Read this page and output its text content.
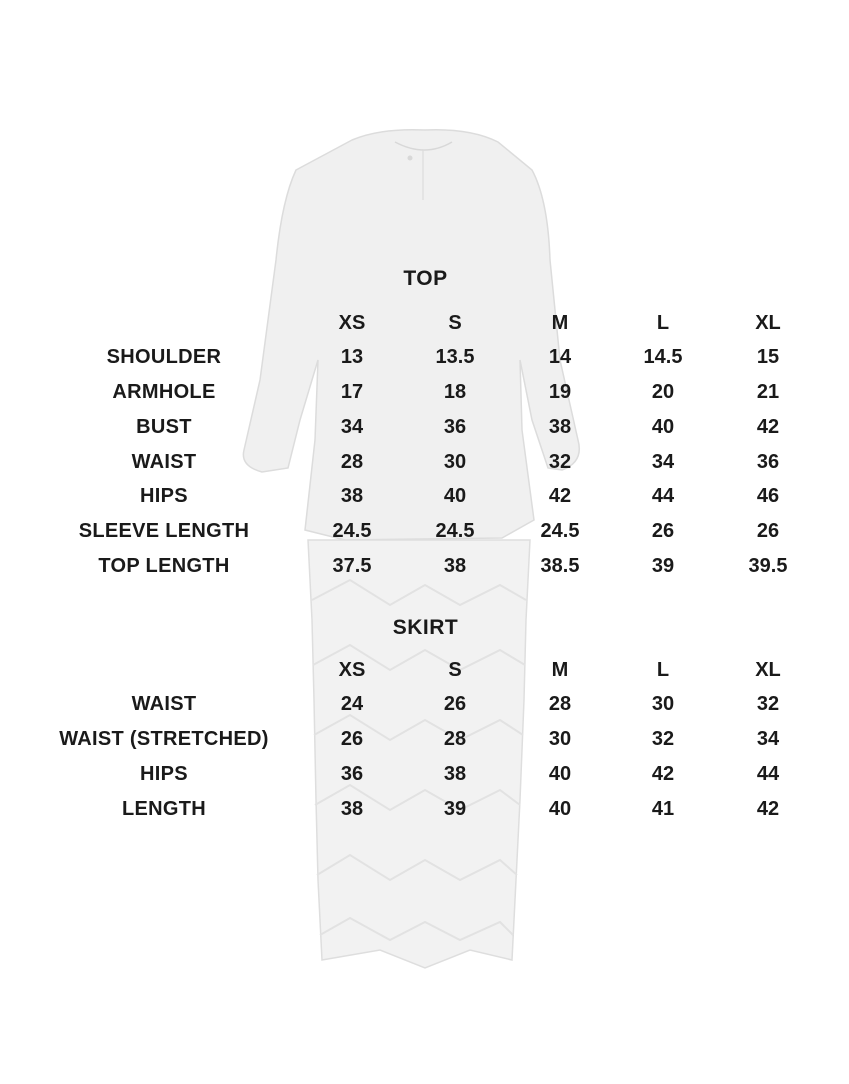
TOP
XS	S	M	L	XL
SHOULDER	13	13.5	14	14.5	15
ARMHOLE	17	18	19	20	21
BUST	34	36	38	40	42
WAIST	28	30	32	34	36
HIPS	38	40	42	44	46
SLEEVE LENGTH	24.5	24.5	24.5	26	26
TOP LENGTH	37.5	38	38.5	39	39.5
SKIRT
XS	S	M	L	XL
WAIST	24	26	28	30	32
WAIST (STRETCHED)	26	28	30	32	34
HIPS	36	38	40	42	44
LENGTH	38	39	40	41	42
